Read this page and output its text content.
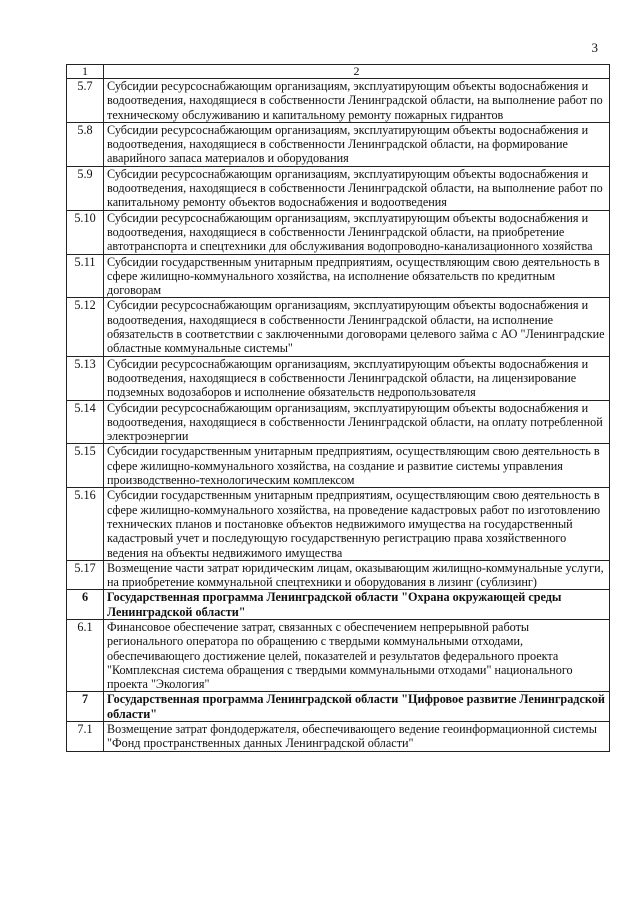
3
1	2
5.7	Субсидии ресурсоснабжающим организациям, эксплуатирующим объекты водоснабжения и водоотведения, находящиеся в собственности Ленинградской области, на выполнение работ по техническому обслуживанию и капитальному ремонту пожарных гидрантов
5.8	Субсидии ресурсоснабжающим организациям, эксплуатирующим объекты водоснабжения и водоотведения, находящиеся в собственности Ленинградской области, на формирование аварийного запаса материалов и оборудования
5.9	Субсидии ресурсоснабжающим организациям, эксплуатирующим объекты водоснабжения и водоотведения, находящиеся в собственности Ленинградской области, на выполнение работ по капитальному ремонту объектов водоснабжения и водоотведения
5.10	Субсидии ресурсоснабжающим организациям, эксплуатирующим объекты водоснабжения и водоотведения, находящиеся в собственности Ленинградской области, на приобретение автотранспорта и спецтехники для обслуживания водопроводно-канализационного хозяйства
5.11	Субсидии государственным унитарным предприятиям, осуществляющим свою деятельность в сфере жилищно-коммунального хозяйства, на исполнение обязательств по кредитным договорам
5.12	Субсидии ресурсоснабжающим организациям, эксплуатирующим объекты водоснабжения и водоотведения, находящиеся в собственности Ленинградской области, на исполнение обязательств в соответствии с заключенными договорами целевого займа с АО "Ленинградские областные коммунальные системы"
5.13	Субсидии ресурсоснабжающим организациям, эксплуатирующим объекты водоснабжения и водоотведения, находящиеся в собственности Ленинградской области, на лицензирование подземных водозаборов и исполнение обязательств недропользователя
5.14	Субсидии ресурсоснабжающим организациям, эксплуатирующим объекты водоснабжения и водоотведения, находящиеся в собственности Ленинградской области, на оплату потребленной электроэнергии
5.15	Субсидии государственным унитарным предприятиям, осуществляющим свою деятельность в сфере жилищно-коммунального хозяйства, на создание и развитие системы управления производственно-технологическим комплексом
5.16	Субсидии государственным унитарным предприятиям, осуществляющим свою деятельность в сфере жилищно-коммунального хозяйства, на проведение кадастровых работ по изготовлению технических планов и постановке объектов недвижимого имущества на государственный кадастровый учет и последующую государственную регистрацию права хозяйственного ведения на объекты недвижимого имущества
5.17	Возмещение части затрат юридическим лицам, оказывающим жилищно-коммунальные услуги, на приобретение коммунальной спецтехники и оборудования в лизинг (сублизинг)
6	Государственная программа Ленинградской области "Охрана окружающей среды Ленинградской области"
6.1	Финансовое обеспечение затрат, связанных с обеспечением непрерывной работы регионального оператора по обращению с твердыми коммунальными отходами, обеспечивающего достижение целей, показателей и результатов федерального проекта "Комплексная система обращения с твердыми коммунальными отходами" национального проекта "Экология"
7	Государственная программа Ленинградской области "Цифровое развитие Ленинградской области"
7.1	Возмещение затрат фондодержателя, обеспечивающего ведение геоинформационной системы "Фонд пространственных данных Ленинградской области"
